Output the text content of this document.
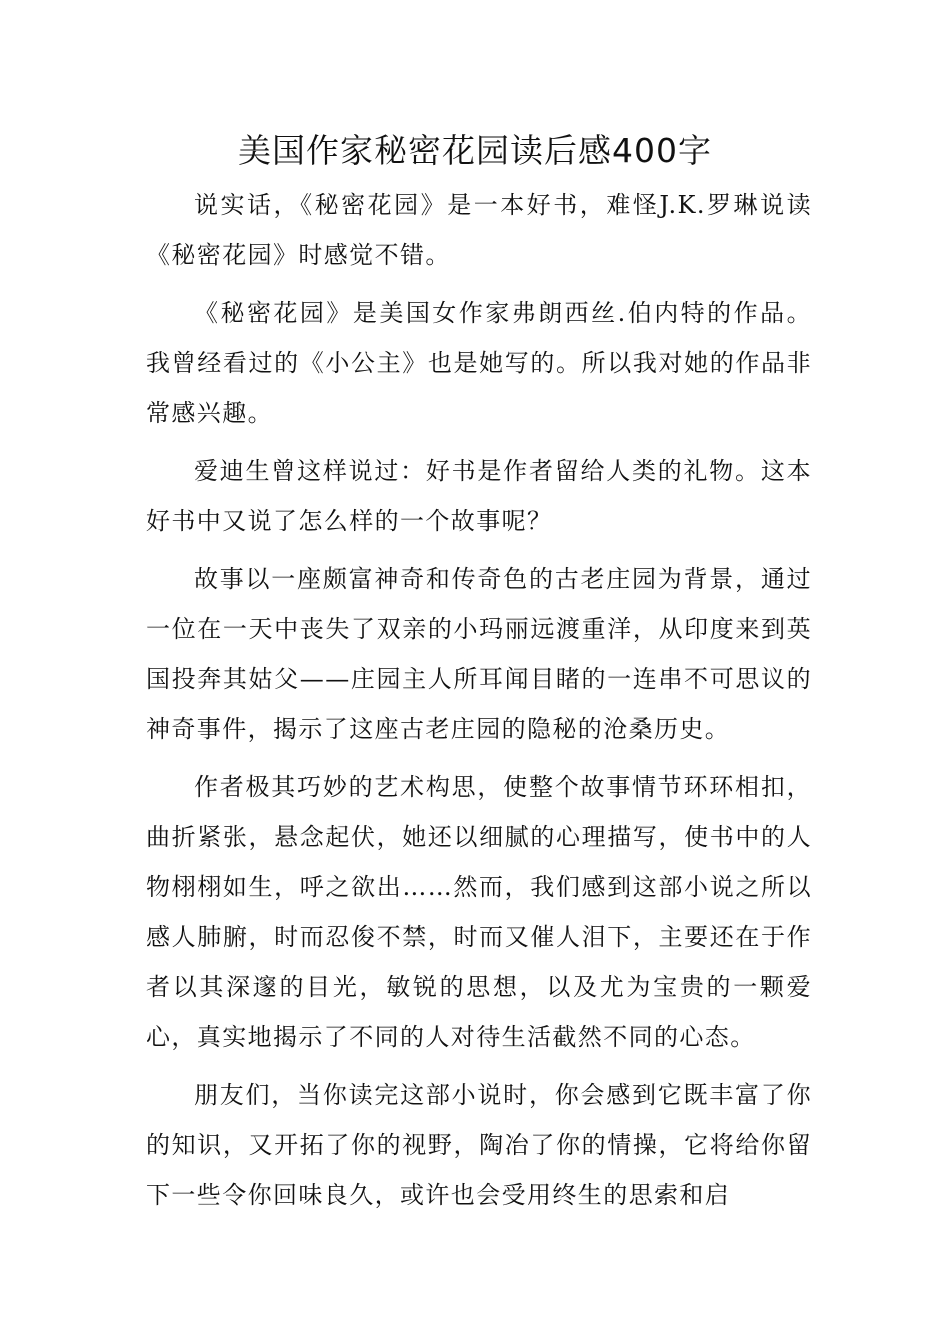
美国作家秘密花园读后感400字

说实话，《秘密花园》是一本好书，难怪J.K.罗琳说读《秘密花园》时感觉不错。

《秘密花园》是美国女作家弗朗西丝.伯内特的作品。我曾经看过的《小公主》也是她写的。所以我对她的作品非常感兴趣。

爱迪生曾这样说过：好书是作者留给人类的礼物。这本好书中又说了怎么样的一个故事呢？

故事以一座颇富神奇和传奇色的古老庄园为背景，通过一位在一天中丧失了双亲的小玛丽远渡重洋，从印度来到英国投奔其姑父——庄园主人所耳闻目睹的一连串不可思议的神奇事件，揭示了这座古老庄园的隐秘的沧桑历史。

作者极其巧妙的艺术构思，使整个故事情节环环相扣，曲折紧张，悬念起伏，她还以细腻的心理描写，使书中的人物栩栩如生，呼之欲出……然而，我们感到这部小说之所以感人肺腑，时而忍俊不禁，时而又催人泪下，主要还在于作者以其深邃的目光，敏锐的思想，以及尤为宝贵的一颗爱心，真实地揭示了不同的人对待生活截然不同的心态。

朋友们，当你读完这部小说时，你会感到它既丰富了你的知识，又开拓了你的视野，陶冶了你的情操，它将给你留下一些令你回味良久，或许也会受用终生的思索和启
